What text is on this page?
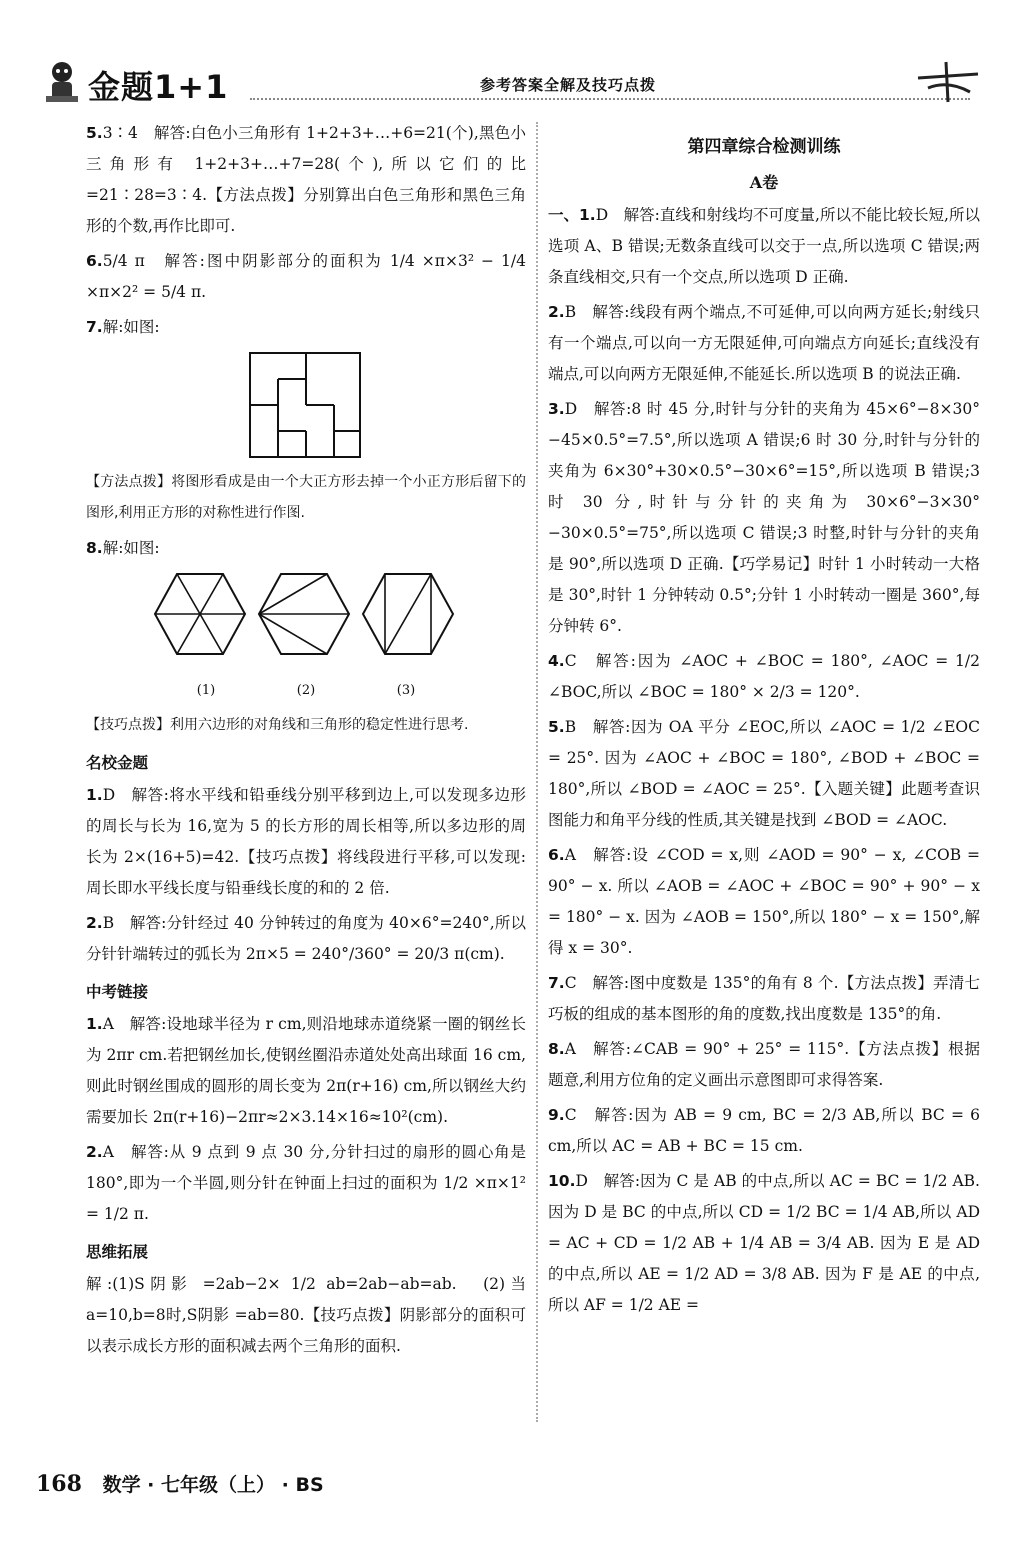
金题1+1	参考答案全解及技巧点拨

5.3∶4　解答:白色小三角形有 1+2+3+…+6=21(个),黑色小三角形有 1+2+3+…+7=28(个),所以它们的比=21∶28=3∶4.【方法点拨】分别算出白色三角形和黑色三角形的个数,再作比即可.

6.5/4 π　解答:图中阴影部分的面积为 1/4 ×π×3² − 1/4 ×π×2² = 5/4 π.

7.解:如图:

【方法点拨】将图形看成是由一个大正方形去掉一个小正方形后留下的图形,利用正方形的对称性进行作图.

8.解:如图:

(1)	(2)	(3)

【技巧点拨】利用六边形的对角线和三角形的稳定性进行思考.

名校金题

1.D　解答:将水平线和铅垂线分别平移到边上,可以发现多边形的周长与长为 16,宽为 5 的长方形的周长相等,所以多边形的周长为 2×(16+5)=42.【技巧点拨】将线段进行平移,可以发现:周长即水平线长度与铅垂线长度的和的 2 倍.

2.B　解答:分针经过 40 分钟转过的角度为 40×6°=240°,所以分针针端转过的弧长为 2π×5 = 240°/360° = 20/3 π(cm).

中考链接

1.A　解答:设地球半径为 r cm,则沿地球赤道绕紧一圈的钢丝长为 2πr cm.若把钢丝加长,使钢丝圈沿赤道处处高出球面 16 cm,则此时钢丝围成的圆形的周长变为 2π(r+16) cm,所以钢丝大约需要加长 2π(r+16)−2πr≈2×3.14×16≈10²(cm).

2.A　解答:从 9 点到 9 点 30 分,分针扫过的扇形的圆心角是 180°,即为一个半圆,则分针在钟面上扫过的面积为 1/2 ×π×1² = 1/2 π.

思维拓展

解:(1)S阴影 =2ab−2× 1/2 ab=2ab−ab=ab.　(2)当a=10,b=8时,S阴影 =ab=80.【技巧点拨】阴影部分的面积可以表示成长方形的面积减去两个三角形的面积.

第四章综合检测训练
A卷

一、1.D　解答:直线和射线均不可度量,所以不能比较长短,所以选项 A、B 错误;无数条直线可以交于一点,所以选项 C 错误;两条直线相交,只有一个交点,所以选项 D 正确.

2.B　解答:线段有两个端点,不可延伸,可以向两方延长;射线只有一个端点,可以向一方无限延伸,可向端点方向延长;直线没有端点,可以向两方无限延伸,不能延长.所以选项 B 的说法正确.

3.D　解答:8 时 45 分,时针与分针的夹角为 45×6°−8×30°−45×0.5°=7.5°,所以选项 A 错误;6 时 30 分,时针与分针的夹角为 6×30°+30×0.5°−30×6°=15°,所以选项 B 错误;3 时 30 分,时针与分针的夹角为 30×6°−3×30°−30×0.5°=75°,所以选项 C 错误;3 时整,时针与分针的夹角是 90°,所以选项 D 正确.【巧学易记】时针 1 小时转动一大格是 30°,时针 1 分钟转动 0.5°;分针 1 小时转动一圈是 360°,每分钟转 6°.

4.C　解答:因为 ∠AOC + ∠BOC = 180°, ∠AOC = 1/2 ∠BOC,所以 ∠BOC = 180° × 2/3 = 120°.

5.B　解答:因为 OA 平分 ∠EOC,所以 ∠AOC = 1/2 ∠EOC = 25°. 因为 ∠AOC + ∠BOC = 180°, ∠BOD + ∠BOC = 180°,所以 ∠BOD = ∠AOC = 25°.【入题关键】此题考查识图能力和角平分线的性质,其关键是找到 ∠BOD = ∠AOC.

6.A　解答:设 ∠COD = x,则 ∠AOD = 90° − x, ∠COB = 90° − x. 所以 ∠AOB = ∠AOC + ∠BOC = 90° + 90° − x = 180° − x. 因为 ∠AOB = 150°,所以 180° − x = 150°,解得 x = 30°.

7.C　解答:图中度数是 135°的角有 8 个.【方法点拨】弄清七巧板的组成的基本图形的角的度数,找出度数是 135°的角.

8.A　解答:∠CAB = 90° + 25° = 115°.【方法点拨】根据题意,利用方位角的定义画出示意图即可求得答案.

9.C　解答:因为 AB = 9 cm, BC = 2/3 AB,所以 BC = 6 cm,所以 AC = AB + BC = 15 cm.

10.D　解答:因为 C 是 AB 的中点,所以 AC = BC = 1/2 AB. 因为 D 是 BC 的中点,所以 CD = 1/2 BC = 1/4 AB,所以 AD = AC + CD = 1/2 AB + 1/4 AB = 3/4 AB. 因为 E 是 AD 的中点,所以 AE = 1/2 AD = 3/8 AB. 因为 F 是 AE 的中点,所以 AF = 1/2 AE =

168 数学 · 七年级（上） · BS
